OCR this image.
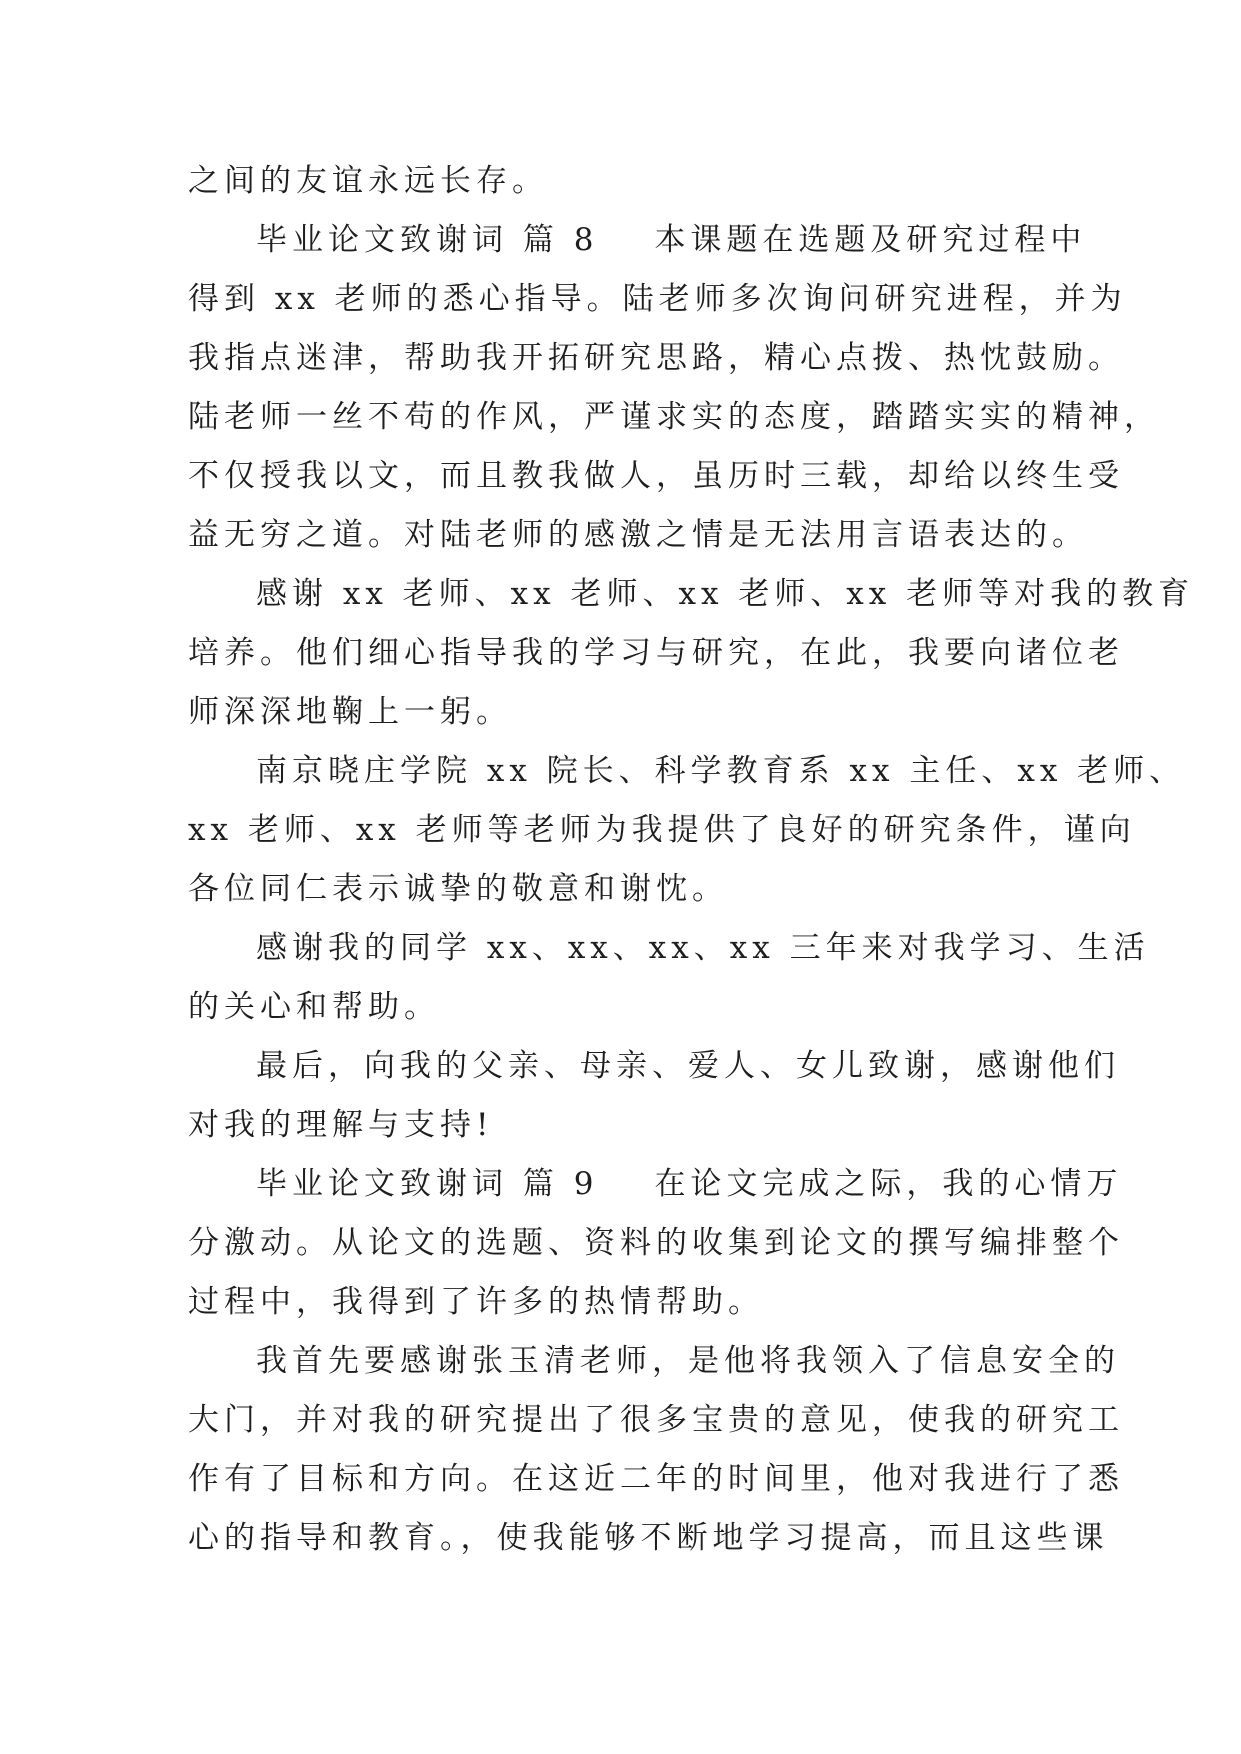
之间的友谊永远长存。
毕业论文致谢词 篇 8 本课题在选题及研究过程中
得到 xx 老师的悉心指导。陆老师多次询问研究进程，并为
我指点迷津，帮助我开拓研究思路，精心点拨、热忱鼓励。
陆老师一丝不苟的作风，严谨求实的态度，踏踏实实的精神，
不仅授我以文，而且教我做人，虽历时三载，却给以终生受
益无穷之道。对陆老师的感激之情是无法用言语表达的。
感谢 xx 老师、xx 老师、xx 老师、xx 老师等对我的教育
培养。他们细心指导我的学习与研究，在此，我要向诸位老
师深深地鞠上一躬。
南京晓庄学院 xx 院长、科学教育系 xx 主任、xx 老师、
xx 老师、xx 老师等老师为我提供了良好的研究条件，谨向
各位同仁表示诚挚的敬意和谢忱。
感谢我的同学 xx、xx、xx、xx 三年来对我学习、生活
的关心和帮助。
最后，向我的父亲、母亲、爱人、女儿致谢，感谢他们
对我的理解与支持!
毕业论文致谢词 篇 9 在论文完成之际，我的心情万
分激动。从论文的选题、资料的收集到论文的撰写编排整个
过程中，我得到了许多的热情帮助。
我首先要感谢张玉清老师，是他将我领入了信息安全的
大门，并对我的研究提出了很多宝贵的意见，使我的研究工
作有了目标和方向。在这近二年的时间里，他对我进行了悉
心的指导和教育。，使我能够不断地学习提高，而且这些课
